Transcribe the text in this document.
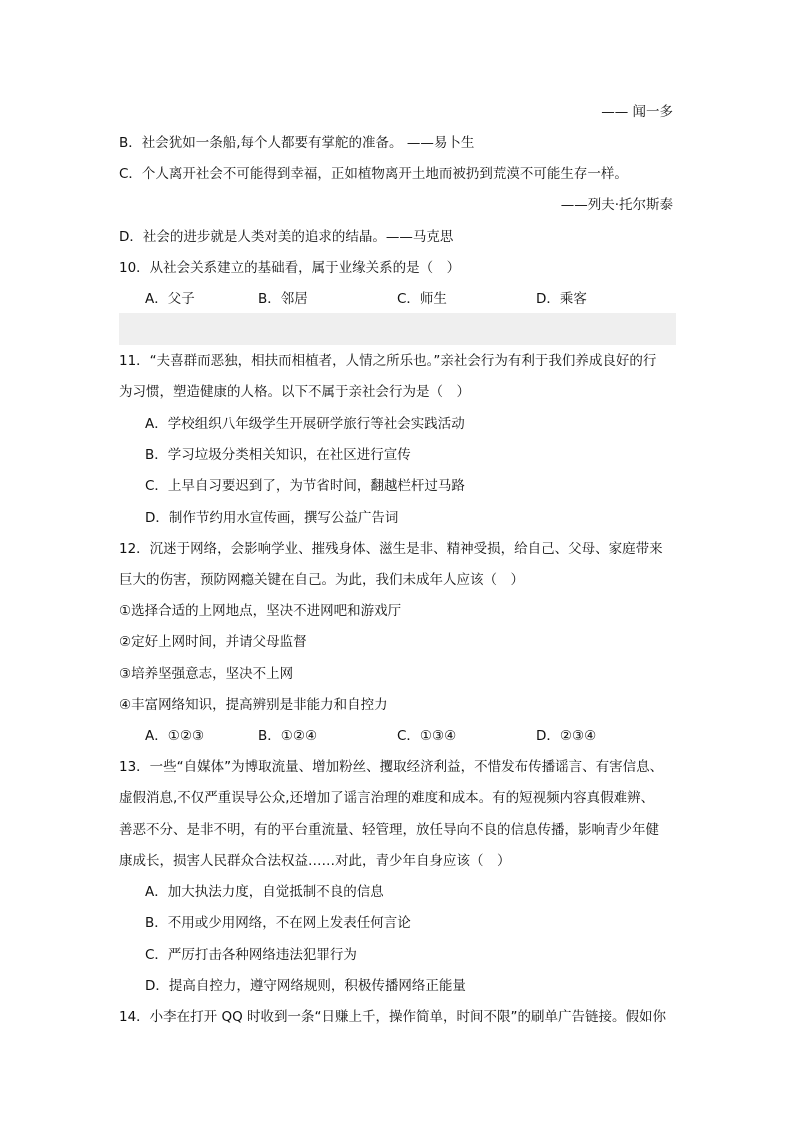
—— 闻一多
B．社会犹如一条船,每个人都要有掌舵的准备。 ——易卜生
C．个人离开社会不可能得到幸福，正如植物离开土地而被扔到荒漠不可能生存一样。
——列夫·托尔斯泰
D．社会的进步就是人类对美的追求的结晶。——马克思
10．从社会关系建立的基础看，属于业缘关系的是（　）
A．父子	B．邻居	C．师生	D．乘客
11．“夫喜群而恶独，相扶而相植者，人情之所乐也。”亲社会行为有利于我们养成良好的行
为习惯，塑造健康的人格。以下不属于亲社会行为是（　）
A．学校组织八年级学生开展研学旅行等社会实践活动
B．学习垃圾分类相关知识，在社区进行宣传
C．上早自习要迟到了，为节省时间，翻越栏杆过马路
D．制作节约用水宣传画，撰写公益广告词
12．沉迷于网络，会影响学业、摧残身体、滋生是非、精神受损，给自己、父母、家庭带来
巨大的伤害，预防网瘾关键在自己。为此，我们未成年人应该（　）
①选择合适的上网地点，坚决不进网吧和游戏厅
②定好上网时间，并请父母监督
③培养坚强意志，坚决不上网
④丰富网络知识，提高辨别是非能力和自控力
A．①②③	B．①②④	C．①③④	D．②③④
13．一些“自媒体”为博取流量、增加粉丝、攫取经济利益，不惜发布传播谣言、有害信息、
虚假消息,不仅严重误导公众,还增加了谣言治理的难度和成本。有的短视频内容真假难辨、
善恶不分、是非不明，有的平台重流量、轻管理，放任导向不良的信息传播，影响青少年健
康成长，损害人民群众合法权益……对此，青少年自身应该（　）
A．加大执法力度，自觉抵制不良的信息
B．不用或少用网络，不在网上发表任何言论
C．严厉打击各种网络违法犯罪行为
D．提高自控力，遵守网络规则，积极传播网络正能量
14．小李在打开 QQ 时收到一条“日赚上千，操作简单，时间不限”的刷单广告链接。假如你
